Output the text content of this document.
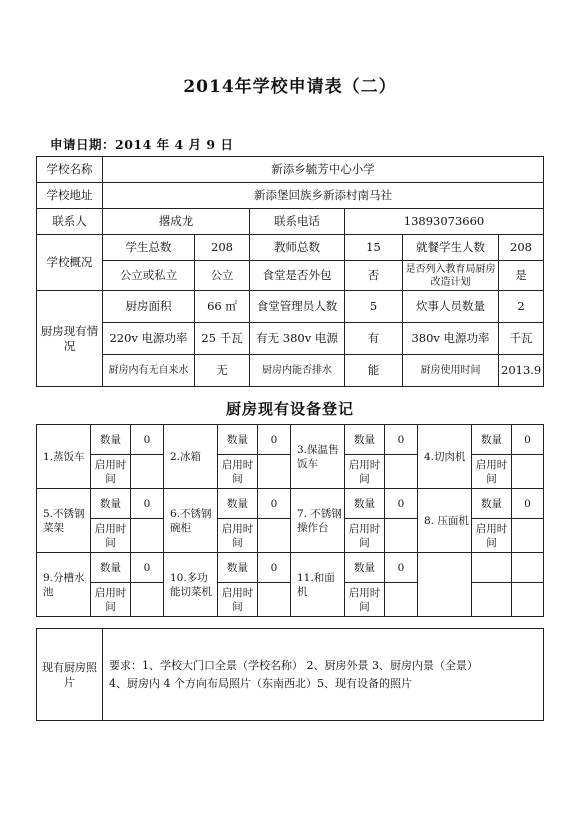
2014年学校申请表（二）
申请日期：2014 年 4 月 9 日
学校名称	新添乡毓芳中心小学					
学校地址	新添堡回族乡新添村南马社					
联系人	撂成龙		联系电话	13893073660		
学校概况	学生总数	208	教师总数	15	就餐学生人数	208
	公立或私立	公立	食堂是否外包	否	是否列入教育局厨房改造计划	是
厨房现有情况	厨房面积	66 ㎡	食堂管理员人数	5	炊事人员数量	2
	220v 电源功率	25 千瓦	有无 380v 电源	有	380v 电源功率	千瓦
	厨房内有无自来水	无	厨房内能否排水	能	厨房使用时间	2013.9
厨房现有设备登记
1.蒸饭车	数量	0	2.冰箱	数量	0	3.保温售饭车	数量	0	4.切肉机	数量	0
	启用时间			启用时间			启用时间			启用时间	
5.不锈钢菜架	数量	0	6.不锈钢碗柜	数量	0	7. 不锈钢操作台	数量	0	8. 压面机	数量	0
	启用时间			启用时间			启用时间			启用时间	
9.分槽水池	数量	0	10.多功能切菜机	数量	0	11.和面机	数量	0			
	启用时间			启用时间			启用时间				
现有厨房照片	
要求：1、学校大门口全景（学校名称） 2、厨房外景 3、厨房内景（全景）
4、厨房内 4 个方向布局照片（东南西北）5、现有设备的照片
